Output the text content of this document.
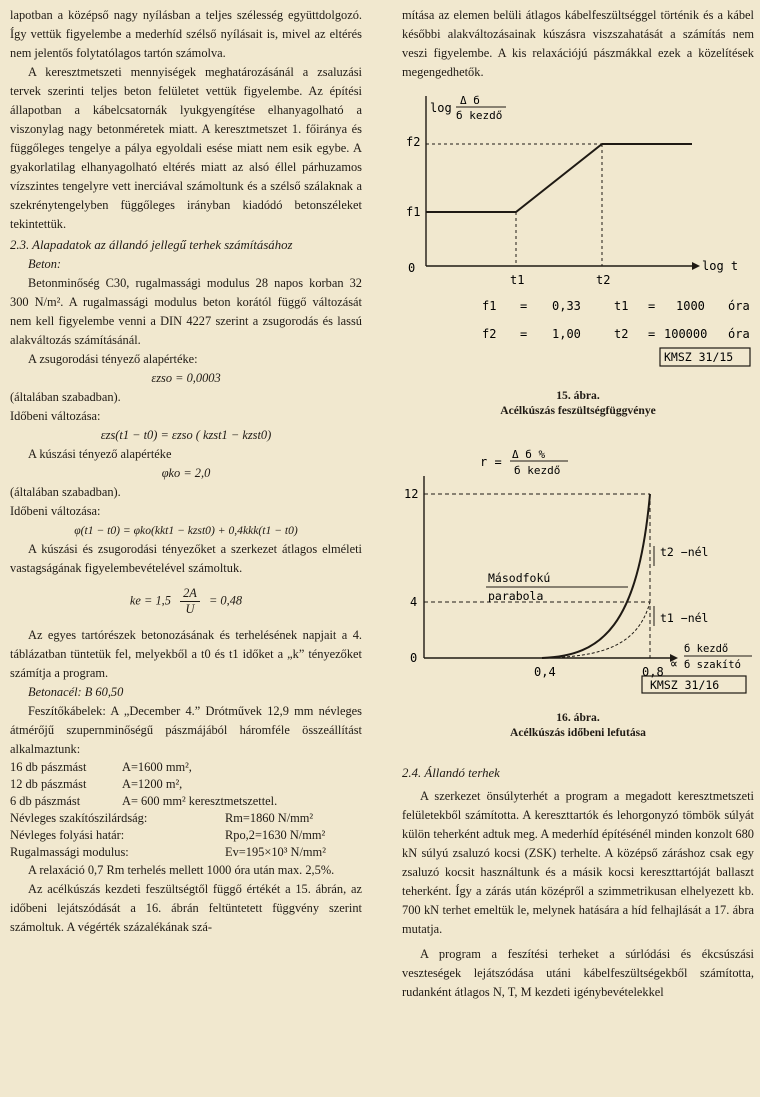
lapotban a középső nagy nyílásban a teljes szélesség együttdolgozó. Így vettük figyelembe a mederhíd szélső nyílásait is, mivel az eltérés nem jelentős folytatólagos tartón számolva.

A keresztmetszeti mennyiségek meghatározásánál a zsaluzási tervek szerinti teljes beton felületet vettük figyelembe. Az építési állapotban a kábelcsatornák lyukgyengítése elhanyagolható a viszonylag nagy betonméretek miatt. A keresztmetszet 1. főiránya és függőleges tengelye a pálya egyoldali esése miatt nem esik egybe. A gyakorlatilag elhanyagolható eltérés miatt az alsó éllel párhuzamos vízszintes tengelyre vett inerciával számoltunk és a szélső szálaknak a szekrénytengelyben függőleges irányban kiadódó betonszéleket tekintettük.

2.3. Alapadatok az állandó jellegű terhek számításához

Beton:

Betonminőség C30, rugalmassági modulus 28 napos korban 32 300 N/m². A rugalmassági modulus beton korától függő változását nem kell figyelembe venni a DIN 4227 szerint a zsugorodás és lassú alakváltozás számításánál.

A zsugorodási tényező alapértéke:

εzso = 0,0003

(általában szabadban).

Időbeni változása:

εzs(t1 − t0) = εzso ( kzst1 − kzst0)

A kúszási tényező alapértéke

φko = 2,0

(általában szabadban).

Időbeni változása:

φ(t1 − t0) = φko(kkt1 − kzst0) + 0,4kkk(t1 − t0)

A kúszási és zsugorodási tényezőket a szerkezet átlagos elméleti vastagságának figyelembevételével számoltuk.

ke = $1,5 \frac{2A}{U} = 0,48$

Az egyes tartórészek betonozásának és terhelésének napjait a 4. táblázatban tüntetük fel, melyekből a t0 és t1 időket a „k” tényezőket számítja a program.

Betonacél: B 60,50

Feszítőkábelek: A „December 4.” Drótművek 12,9 mm névleges átmérőjű szupernminőségű pászmájából háromféle összeállítást alkalmaztunk:

16 db pászmást	A=1600 mm²,
12 db pászmást	A=1200 m²,
6 db pászmást	A= 600 mm² keresztmetszettel.
Névleges szakítószilárdság:	Rm=1860 N/mm²
Névleges folyási határ:	Rpo,2=1630 N/mm²
Rugalmassági modulus:	Ev=195×10³ N/mm²

A relaxáció 0,7 Rm terhelés mellett 1000 óra után max. 2,5%.

Az acélkúszás kezdeti feszültségtől függő értékét a 15. ábrán, az időbeni lejátszódását a 16. ábrán feltüntetett függvény szerint számoltuk. A végérték százalékának szá-

mítása az elemen belüli átlagos kábelfeszültséggel történik és a kábel későbbi alakváltozásainak kúszásra viszszahatását a számítás nem veszi figyelembe. A kis relaxációjú pászmákkal ezek a közelítések megengedhetők.

log
Δ б
б kezdő
log t
f2
f1
0
t1	t2
f1 = 0,33	t1 = 1000 óra
f2 = 1,00	t2 = 100000 óra
KMSZ 31/15
15. ábra.
Acélkúszás feszültségfüggvénye
r =
Δ б %
б kezdő
12
4
0
t2 −nél
t1 −nél
Másodfokú
parabola
0,4	0,8 ∝
б kezdő
б szakító
KMSZ 31/16
16. ábra.
Acélkúszás időbeni lefutása
2.4. Állandó terhek

A szerkezet önsúlyterhét a program a megadott keresztmetszeti felületekből számította. A kereszttartók és lehorgonyzó tömbök súlyát külön teherként adtuk meg. A mederhíd építésénél minden konzolt 680 kN súlyú zsaluzó kocsi (ZSK) terhelte. A középső záráshoz csak egy zsaluzó kocsit használtunk és a másik kocsi kereszttartóját ballaszt teherként. Így a zárás után középről a szimmetrikusan elhelyezett kb. 700 kN terhet emeltük le, melynek hatására a híd felhajlását a 17. ábra mutatja.

A program a feszítési terheket a súrlódási és ékcsúszási veszteségek lejátszódása utáni kábelfeszültségekből számította, rudanként átlagos N, T, M kezdeti igénybevételekkel
